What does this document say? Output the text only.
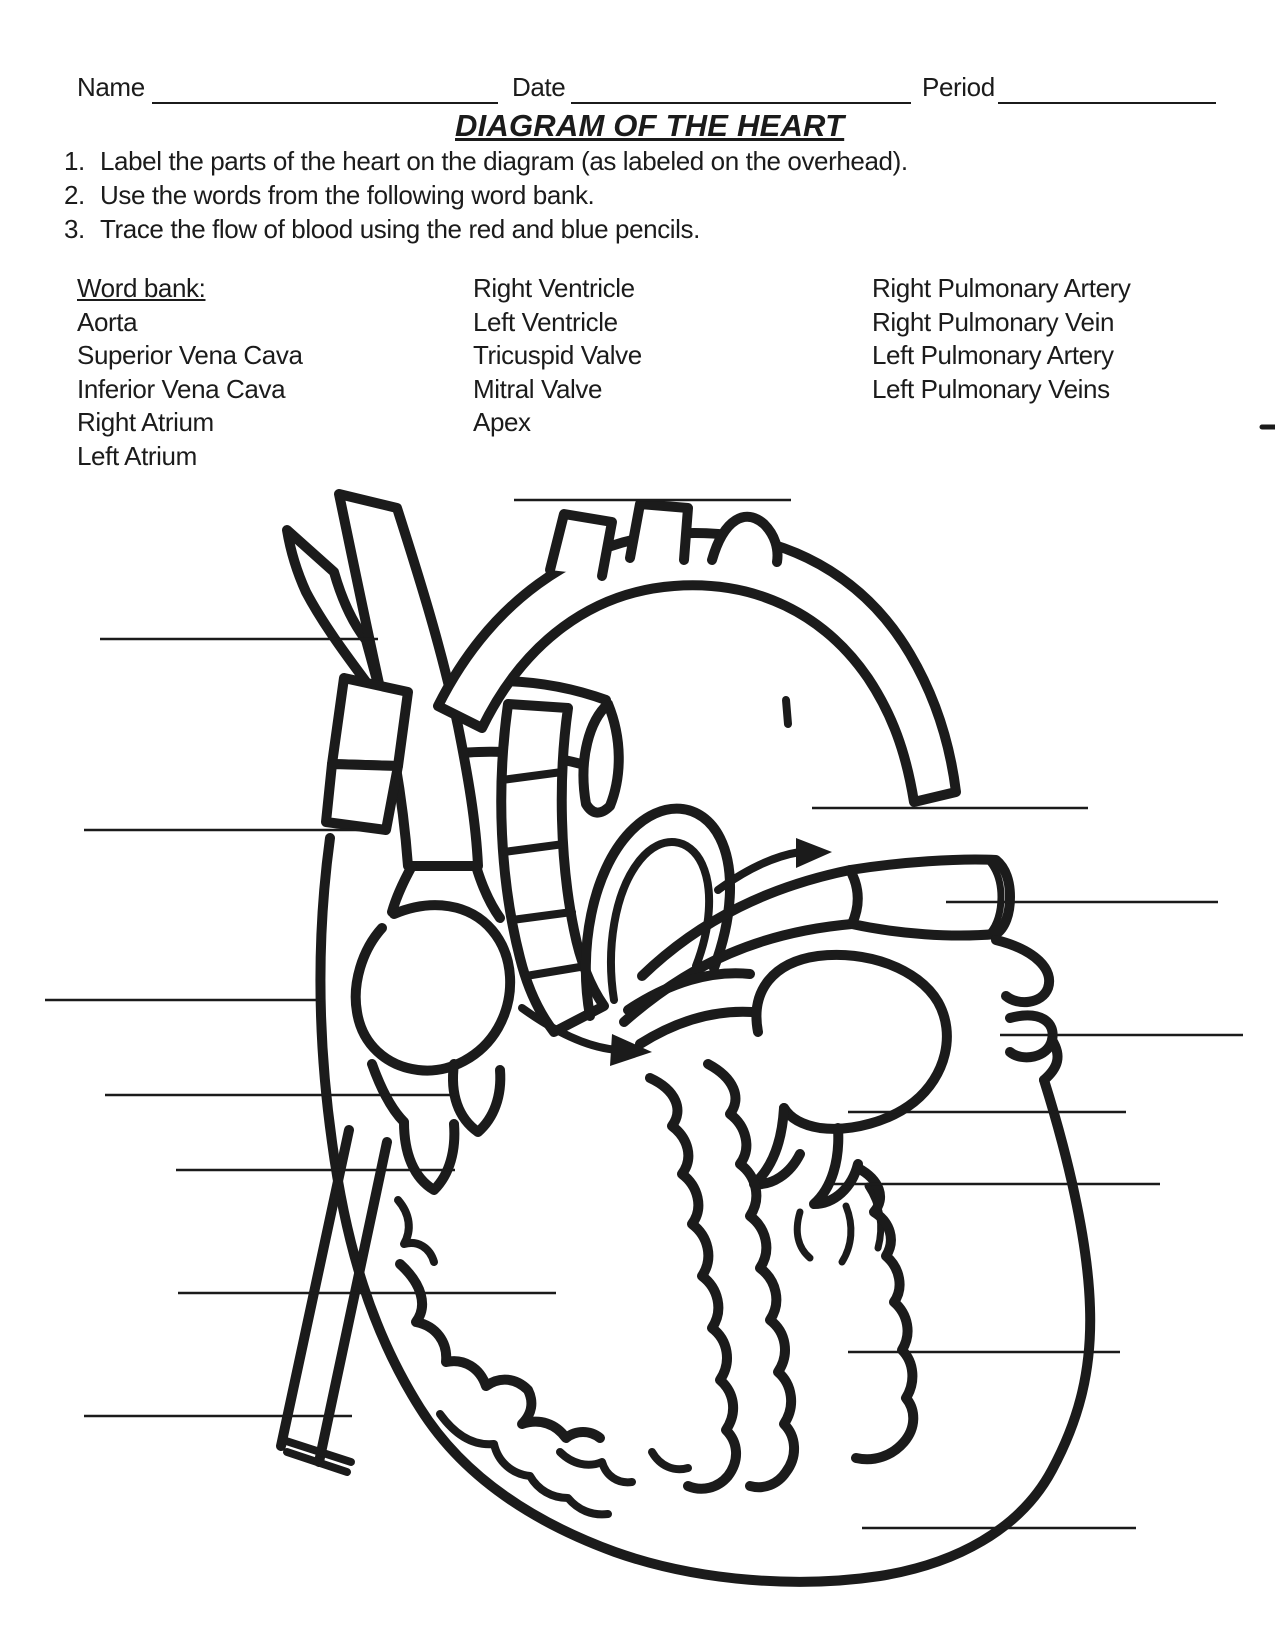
Name	Date	Period
DIAGRAM OF THE HEART
1. Label the parts of the heart on the diagram (as labeled on the overhead).
2. Use the words from the following word bank.
3. Trace the flow of blood using the red and blue pencils.
Word bank:
Aorta
Superior Vena Cava
Inferior Vena Cava
Right Atrium
Left Atrium
Right Ventricle
Left Ventricle
Tricuspid Valve
Mitral Valve
Apex
Right Pulmonary Artery
Right Pulmonary Vein
Left Pulmonary Artery
Left Pulmonary Veins
